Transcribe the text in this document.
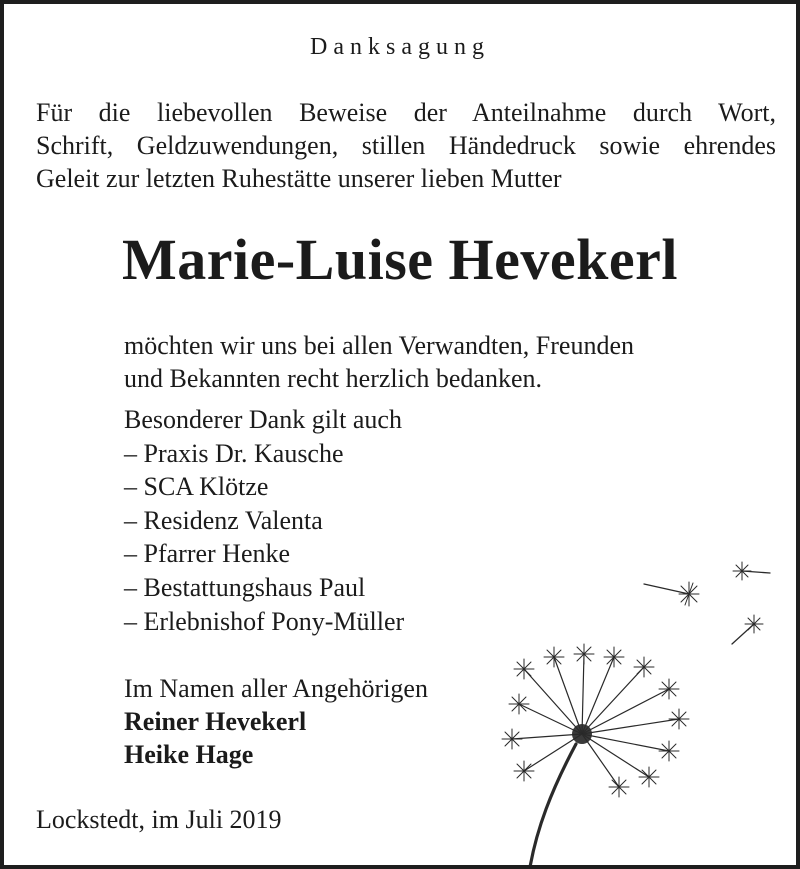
Danksagung
Für die liebevollen Beweise der Anteilnahme durch Wort,
Schrift, Geldzuwendungen, stillen Händedruck sowie ehrendes
Geleit zur letzten Ruhestätte unserer lieben Mutter
Marie-Luise Hevekerl
möchten wir uns bei allen Verwandten, Freunden
und Bekannten recht herzlich bedanken.
Besonderer Dank gilt auch
– Praxis Dr. Kausche
– SCA Klötze
– Residenz Valenta
– Pfarrer Henke
– Bestattungshaus Paul
– Erlebnishof Pony-Müller
Im Namen aller Angehörigen
Reiner Hevekerl
Heike Hage
Lockstedt, im Juli 2019
